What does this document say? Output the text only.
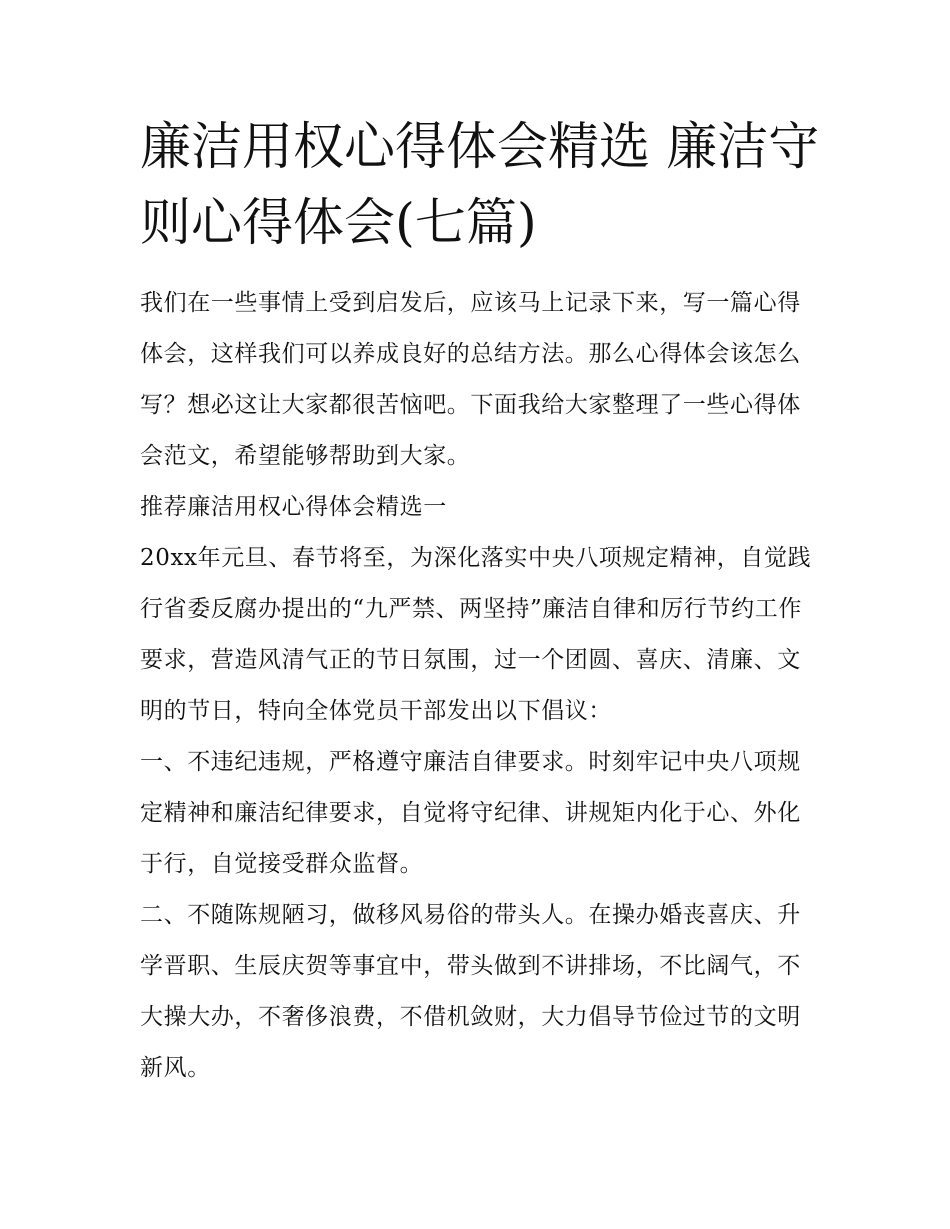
廉洁用权心得体会精选 廉洁守则心得体会(七篇)

我们在一些事情上受到启发后，应该马上记录下来，写一篇心得体会，这样我们可以养成良好的总结方法。那么心得体会该怎么写？想必这让大家都很苦恼吧。下面我给大家整理了一些心得体会范文，希望能够帮助到大家。

推荐廉洁用权心得体会精选一

20xx年元旦、春节将至，为深化落实中央八项规定精神，自觉践行省委反腐办提出的“九严禁、两坚持”廉洁自律和厉行节约工作要求，营造风清气正的节日氛围，过一个团圆、喜庆、清廉、文明的节日，特向全体党员干部发出以下倡议：

一、不违纪违规，严格遵守廉洁自律要求。时刻牢记中央八项规定精神和廉洁纪律要求，自觉将守纪律、讲规矩内化于心、外化于行，自觉接受群众监督。

二、不随陈规陋习，做移风易俗的带头人。在操办婚丧喜庆、升学晋职、生辰庆贺等事宜中，带头做到不讲排场，不比阔气，不大操大办，不奢侈浪费，不借机敛财，大力倡导节俭过节的文明新风。
